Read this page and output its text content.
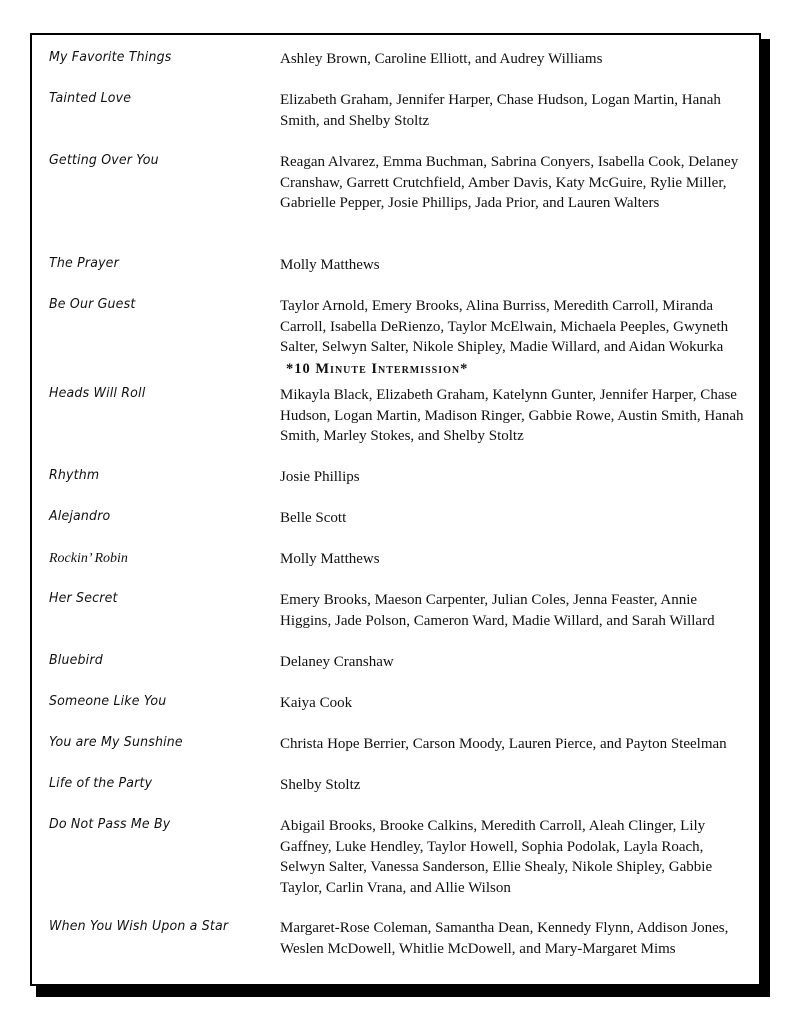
My Favorite Things	Ashley Brown, Caroline Elliott, and Audrey Williams
Tainted Love	Elizabeth Graham, Jennifer Harper, Chase Hudson, Logan Martin, Hanah Smith, and Shelby Stoltz
Getting Over You	Reagan Alvarez, Emma Buchman, Sabrina Conyers, Isabella Cook, Delaney Cranshaw, Garrett Crutchfield, Amber Davis, Katy McGuire, Rylie Miller, Gabrielle Pepper, Josie Phillips, Jada Prior, and Lauren Walters
The Prayer	Molly Matthews
Be Our Guest	Taylor Arnold, Emery Brooks, Alina Burriss, Meredith Carroll, Miranda Carroll, Isabella DeRienzo, Taylor McElwain, Michaela Peeples, Gwyneth Salter, Selwyn Salter, Nikole Shipley, Madie Willard, and Aidan Wokurka
*10 Minute Intermission*
Heads Will Roll	Mikayla Black, Elizabeth Graham, Katelynn Gunter, Jennifer Harper, Chase Hudson, Logan Martin, Madison Ringer, Gabbie Rowe, Austin Smith, Hanah Smith, Marley Stokes, and Shelby Stoltz
Rhythm	Josie Phillips
Alejandro	Belle Scott
Rockin’ Robin	Molly Matthews
Her Secret	Emery Brooks, Maeson Carpenter, Julian Coles, Jenna Feaster, Annie Higgins, Jade Polson, Cameron Ward, Madie Willard, and Sarah Willard
Bluebird	Delaney Cranshaw
Someone Like You	Kaiya Cook
You are My Sunshine	Christa Hope Berrier, Carson Moody, Lauren Pierce, and Payton Steelman
Life of the Party	Shelby Stoltz
Do Not Pass Me By	Abigail Brooks, Brooke Calkins, Meredith Carroll, Aleah Clinger, Lily Gaffney, Luke Hendley, Taylor Howell, Sophia Podolak, Layla Roach, Selwyn Salter, Vanessa Sanderson, Ellie Shealy, Nikole Shipley, Gabbie Taylor, Carlin Vrana, and Allie Wilson
When You Wish Upon a Star	Margaret-Rose Coleman, Samantha Dean, Kennedy Flynn, Addison Jones, Weslen McDowell, Whitlie McDowell, and Mary-Margaret Mims
